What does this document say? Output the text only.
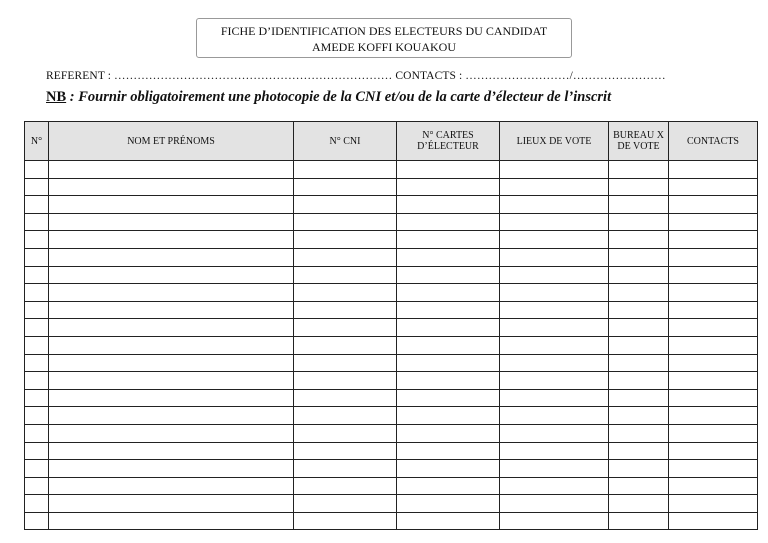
FICHE D’IDENTIFICATION DES ELECTEURS DU CANDIDAT
AMEDE KOFFI KOUAKOU
REFERENT : ……………………………………………………………… CONTACTS : ………………………/……………………
NB : Fournir obligatoirement une photocopie de la CNI et/ou de la carte d’électeur de l’inscrit
N°	NOM ET PRÉNOMS	N° CNI	N° CARTES D’ÉLECTEUR	LIEUX DE VOTE	BUREAU X DE VOTE	CONTACTS
